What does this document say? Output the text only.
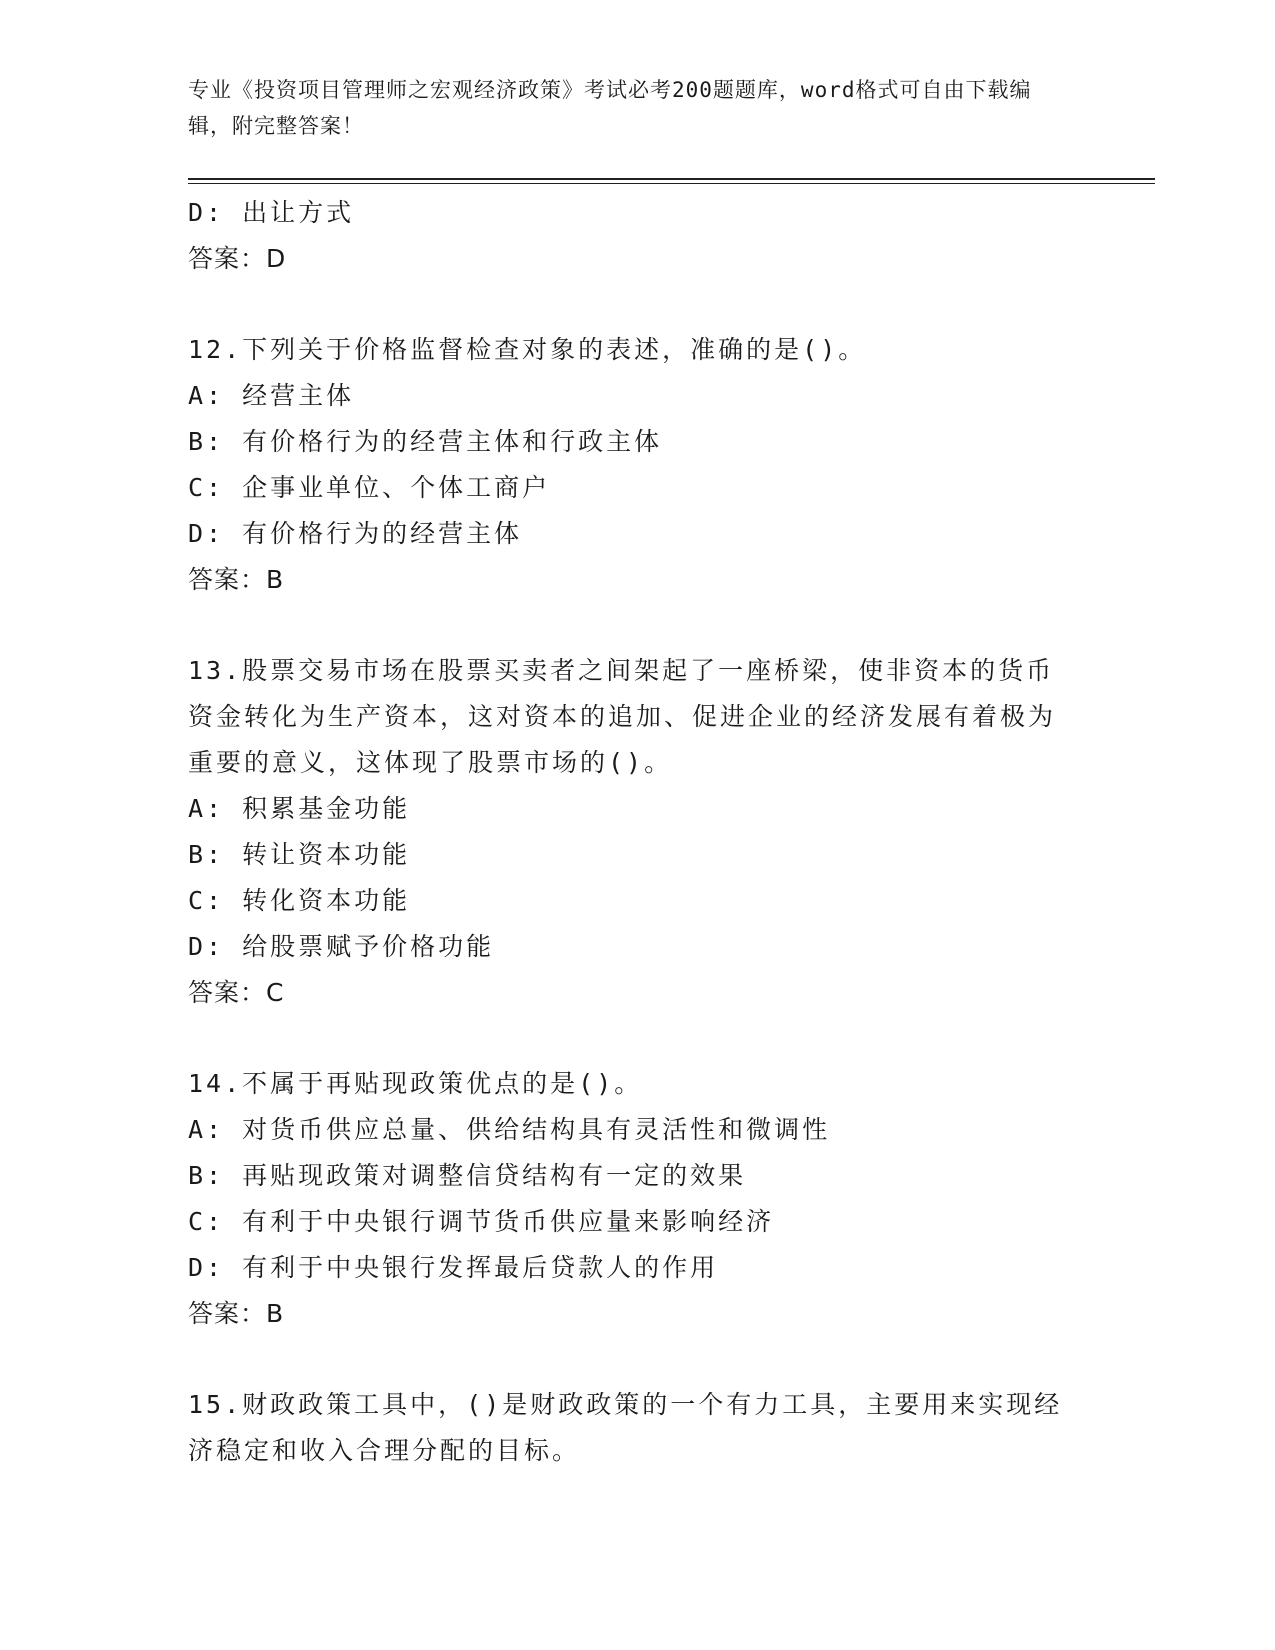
专业《投资项目管理师之宏观经济政策》考试必考200题题库，word格式可自由下载编辑，附完整答案！
D: 出让方式
答案：D
12.下列关于价格监督检查对象的表述，准确的是()。
A: 经营主体
B: 有价格行为的经营主体和行政主体
C: 企事业单位、个体工商户
D: 有价格行为的经营主体
答案：B
13.股票交易市场在股票买卖者之间架起了一座桥梁，使非资本的货币资金转化为生产资本，这对资本的追加、促进企业的经济发展有着极为重要的意义，这体现了股票市场的()。
A: 积累基金功能
B: 转让资本功能
C: 转化资本功能
D: 给股票赋予价格功能
答案：C
14.不属于再贴现政策优点的是()。
A: 对货币供应总量、供给结构具有灵活性和微调性
B: 再贴现政策对调整信贷结构有一定的效果
C: 有利于中央银行调节货币供应量来影响经济
D: 有利于中央银行发挥最后贷款人的作用
答案：B
15.财政政策工具中，()是财政政策的一个有力工具，主要用来实现经济稳定和收入合理分配的目标。
